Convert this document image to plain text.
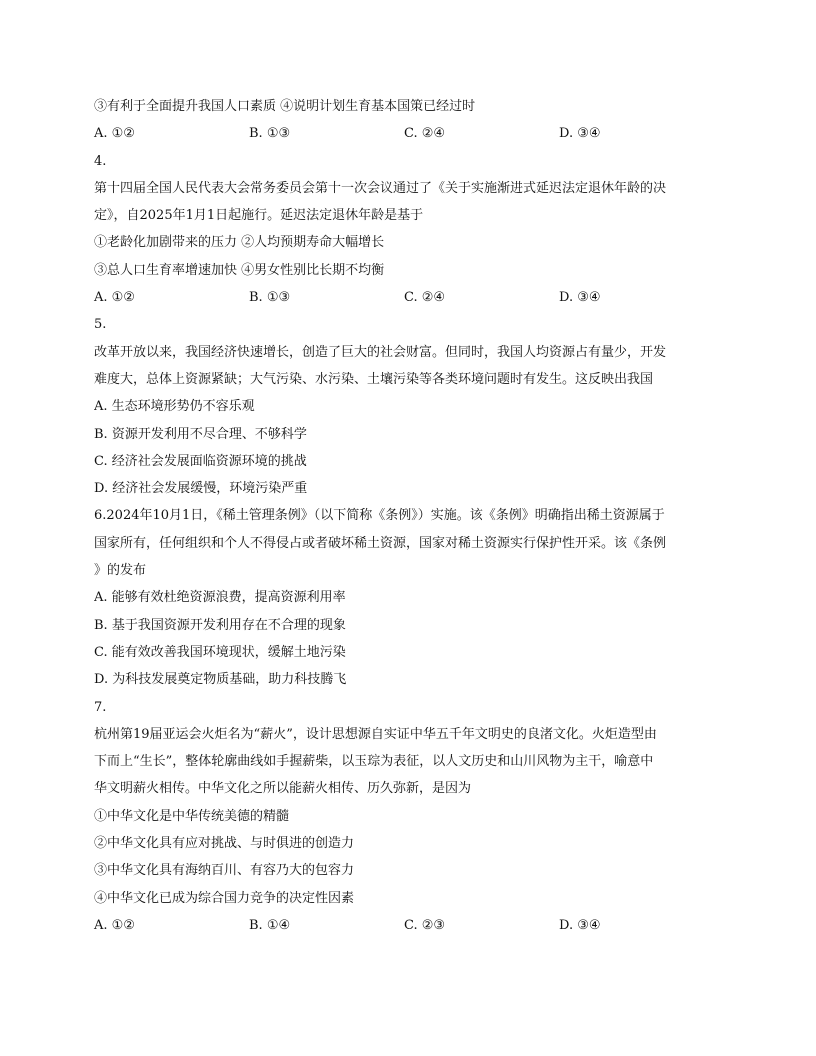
③有利于全面提升我国人口素质 ④说明计划生育基本国策已经过时
A. ①②	B. ①③	C. ②④	D. ③④
4.
第十四届全国人民代表大会常务委员会第十一次会议通过了《关于实施渐进式延迟法定退休年龄的决
定》，自2025年1月1日起施行。延迟法定退休年龄是基于
①老龄化加剧带来的压力 ②人均预期寿命大幅增长
③总人口生育率增速加快 ④男女性别比长期不均衡
A. ①②	B. ①③	C. ②④	D. ③④
5.
改革开放以来，我国经济快速增长，创造了巨大的社会财富。但同时，我国人均资源占有量少，开发
难度大，总体上资源紧缺；大气污染、水污染、土壤污染等各类环境问题时有发生。这反映出我国
A. 生态环境形势仍不容乐观
B. 资源开发利用不尽合理、不够科学
C. 经济社会发展面临资源环境的挑战
D. 经济社会发展缓慢，环境污染严重
6.2024年10月1日，《稀土管理条例》（以下简称《条例》）实施。该《条例》明确指出稀土资源属于
国家所有，任何组织和个人不得侵占或者破坏稀土资源，国家对稀土资源实行保护性开采。该《条例
》的发布
A. 能够有效杜绝资源浪费，提高资源利用率
B. 基于我国资源开发利用存在不合理的现象
C. 能有效改善我国环境现状，缓解土地污染
D. 为科技发展奠定物质基础，助力科技腾飞
7.
杭州第19届亚运会火炬名为“薪火”，设计思想源自实证中华五千年文明史的良渚文化。火炬造型由
下而上“生长”，整体轮廓曲线如手握薪柴，以玉琮为表征，以人文历史和山川风物为主干，喻意中
华文明薪火相传。中华文化之所以能薪火相传、历久弥新，是因为
①中华文化是中华传统美德的精髓
②中华文化具有应对挑战、与时俱进的创造力
③中华文化具有海纳百川、有容乃大的包容力
④中华文化已成为综合国力竞争的决定性因素
A. ①②	B. ①④	C. ②③	D. ③④
